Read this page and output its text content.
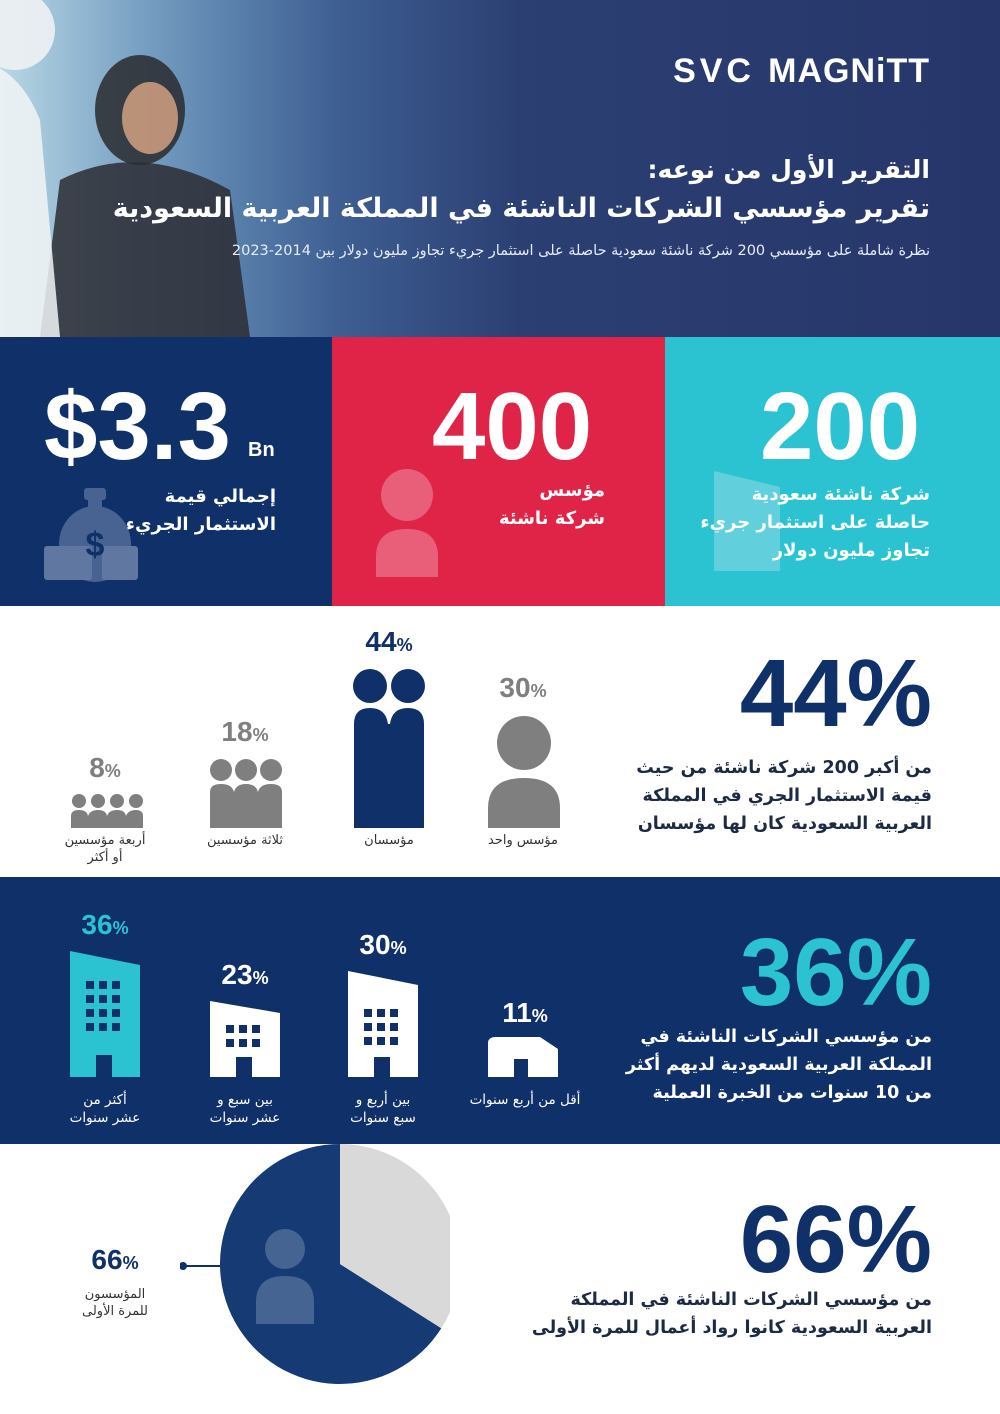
SVC MAGNiTT
التقرير الأول من نوعه:
تقرير مؤسسي الشركات الناشئة في المملكة العربية السعودية
نظرة شاملة على مؤسسي 200 شركة ناشئة سعودية حاصلة على استثمار جريء تجاوز مليون دولار بين 2014-2023
$3.3 Bn
إجمالي قيمة
الاستثمار الجريء
$
400
مؤسس
شركة ناشئة
200
شركة ناشئة سعودية
حاصلة على استثمار جريء
تجاوز مليون دولار
44%
من أكبر 200 شركة ناشئة من حيث
قيمة الاستثمار الجري في المملكة
العربية السعودية كان لها مؤسسان
30%
مؤسس واحد
44%
مؤسسان
18%
ثلاثة مؤسسين
8%
أربعة مؤسسين
أو أكثر
36%
من مؤسسي الشركات الناشئة في
المملكة العربية السعودية لديهم أكثر
من 10 سنوات من الخبرة العملية
11%
أقل من أربع سنوات
30%
بين أربع و
سبع سنوات
23%
بين سبع و
عشر سنوات
36%
أكثر من
عشر سنوات
66%
من مؤسسي الشركات الناشئة في المملكة
العربية السعودية كانوا رواد أعمال للمرة الأولى
66%
المؤسسون
للمرة الأولى
